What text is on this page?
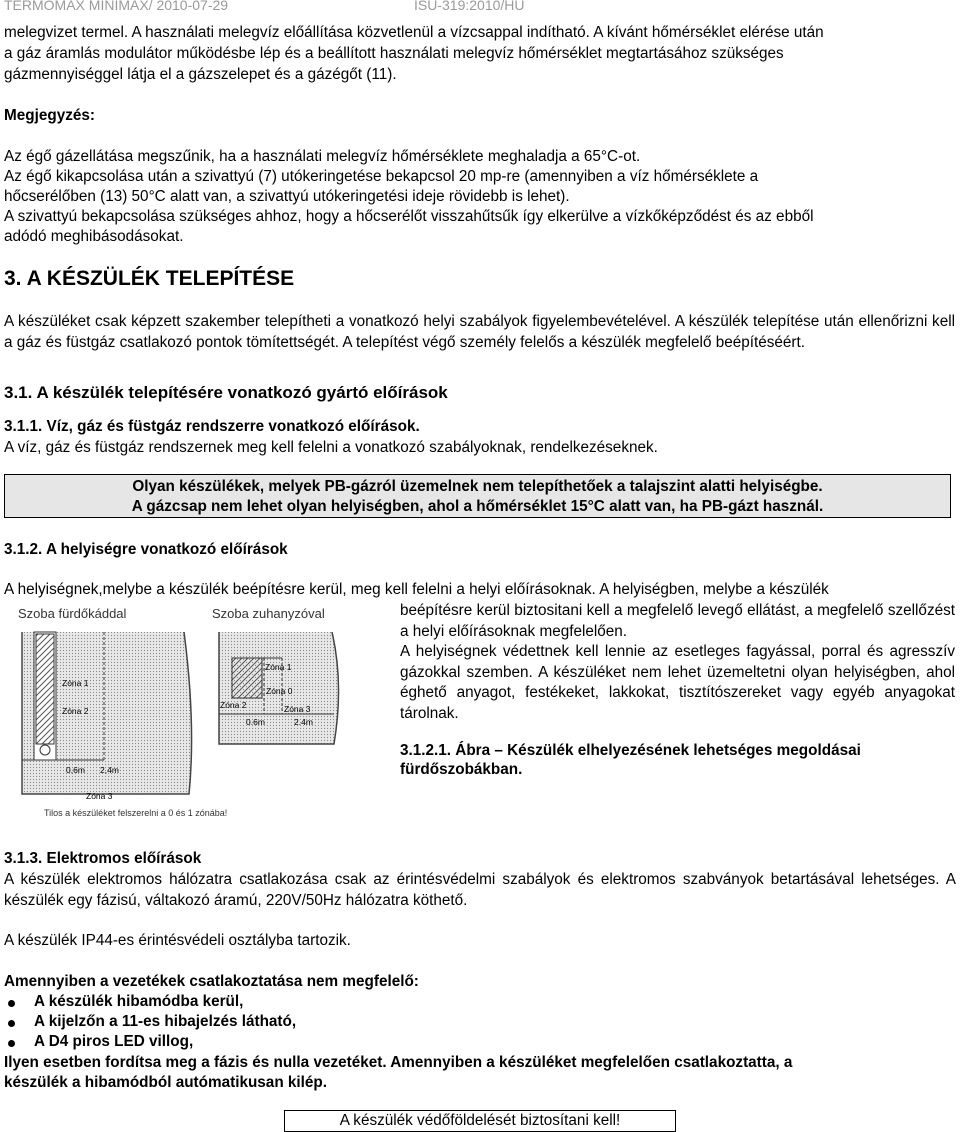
TERMOMAX MINIMAX/ 2010-07-29	ISU-319:2010/HU
melegvizet termel. A használati melegvíz előállítása közvetlenül a vízcsappal indítható. A kívánt hőmérséklet elérése után
a gáz áramlás modulátor működésbe lép és a beállított használati melegvíz hőmérséklet megtartásához szükséges
gázmennyiséggel látja el a gázszelepet és a gázégőt (11).
Megjegyzés:
Az égő gázellátása megszűnik, ha a használati melegvíz hőmérséklete meghaladja a 65°C-ot.
Az égő kikapcsolása után a szivattyú (7) utókeringetése bekapcsol 20 mp-re (amennyiben a víz hőmérséklete a
hőcserélőben (13) 50°C alatt van, a szivattyú utókeringetési ideje rövidebb is lehet).
A szivattyú bekapcsolása szükséges ahhoz, hogy a hőcserélőt visszahűtsűk így elkerülve a vízkőképződést és az ebből
adódó meghibásodásokat.
3. A KÉSZÜLÉK TELEPÍTÉSE
A készüléket csak képzett szakember telepítheti a vonatkozó helyi szabályok figyelembevételével. A készülék telepítése után ellenőrizni kell a gáz és füstgáz csatlakozó pontok tömítettségét. A telepítést végő személy felelős a készülék megfelelő beépítéséért.
3.1. A készülék telepítésére vonatkozó gyártó előírások
3.1.1. Víz, gáz és füstgáz rendszerre vonatkozó előírások.
A víz, gáz és füstgáz rendszernek meg kell felelni a vonatkozó szabályoknak, rendelkezéseknek.
Olyan készülékek, melyek PB-gázról üzemelnek nem telepíthetőek a talajszint alatti helyiségbe.
A gázcsap nem lehet olyan helyiségben, ahol a hőmérséklet 15°C alatt van, ha PB-gázt használ.
3.1.2. A helyiségre vonatkozó előírások
A helyiségnek,melybe a készülék beépítésre kerül, meg kell felelni a helyi előírásoknak. A helyiségben, melybe a készülék
beépítésre kerül biztositani kell a megfelelő levegő ellátást, a megfelelő szellőzést a helyi előírásoknak megfelelően.
A helyiségnek védettnek kell lennie az esetleges fagyással, porral és agresszív gázokkal szemben. A készüléket nem lehet üzemeltetni olyan helyiségben, ahol éghető anyagot, festékeket, lakkokat, tisztítószereket vagy egyéb anyagokat tárolnak.
3.1.2.1. Ábra – Készülék elhelyezésének lehetséges megoldásai fürdőszobákban.
Szoba fürdőkáddal	Szoba zuhanyzóval
Zóna 1
Zóna 2
0,6m 2,4m
Zóna 3
Zóna 1
Zóna 0
Zóna 2	Zóna 3
0.6m	2.4m
Tilos a készüléket felszerelni a 0 és 1 zónába!
3.1.3. Elektromos előírások
A készülék elektromos hálózatra csatlakozása csak az érintésvédelmi szabályok és elektromos szabványok betartásával lehetséges. A készülék egy fázisú, váltakozó áramú, 220V/50Hz hálózatra köthető.
A készülék IP44-es érintésvédeli osztályba tartozik.
Amennyiben a vezetékek csatlakoztatása nem megfelelő:
A készülék hibamódba kerül,
A kijelzőn a 11-es hibajelzés látható,
A D4 piros LED villog,
Ilyen esetben fordítsa meg a fázis és nulla vezetéket. Amennyiben a készüléket megfelelően csatlakoztatta, a
készülék a hibamódból autómatikusan kilép.
A készülék védőföldelését biztosítani kell!
